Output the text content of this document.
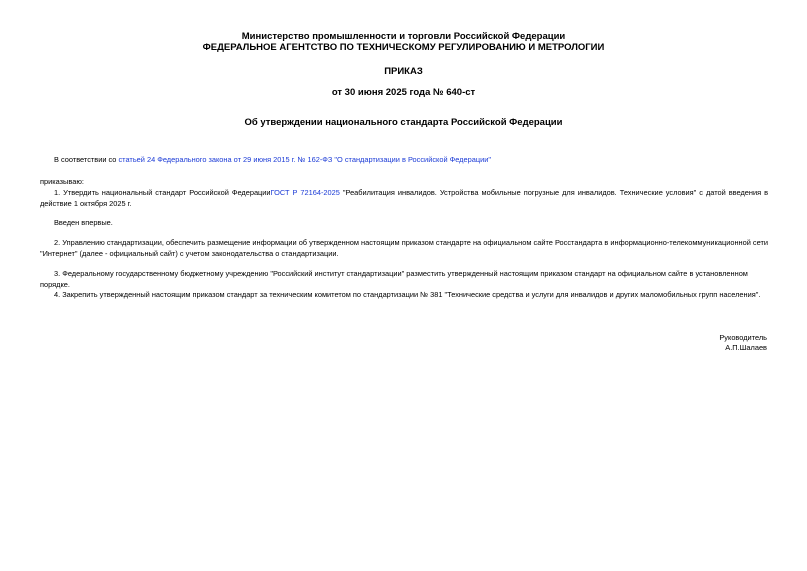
Министерство промышленности и торговли Российской Федерации
ФЕДЕРАЛЬНОЕ АГЕНТСТВО ПО ТЕХНИЧЕСКОМУ РЕГУЛИРОВАНИЮ И МЕТРОЛОГИИ
ПРИКАЗ
от 30 июня 2025 года № 640-ст
Об утверждении национального стандарта Российской Федерации
В соответствии со статьей 24 Федерального закона от 29 июня 2015 г. № 162-ФЗ "О стандартизации в Российской Федерации"
приказываю:
1. Утвердить национальный стандарт Российской ФедерацииГОСТ Р 72164-2025 "Реабилитация инвалидов. Устройства мобильные погрузные для инвалидов. Технические условия" с датой введения в действие 1 октября 2025 г.
Введен впервые.
2. Управлению стандартизации, обеспечить размещение информации об утвержденном настоящим приказом стандарте на официальном сайте Росстандарта в информационно-телекоммуникационной сети "Интернет" (далее - официальный сайт) с учетом законодательства о стандартизации.
3. Федеральному государственному бюджетному учреждению "Российский институт стандартизации" разместить утвержденный настоящим приказом стандарт на официальном сайте в установленном порядке.
4. Закрепить утвержденный настоящим приказом стандарт за техническим комитетом по стандартизации № 381 "Технические средства и услуги для инвалидов и других маломобильных групп населения".
Руководитель
А.П.Шалаев
